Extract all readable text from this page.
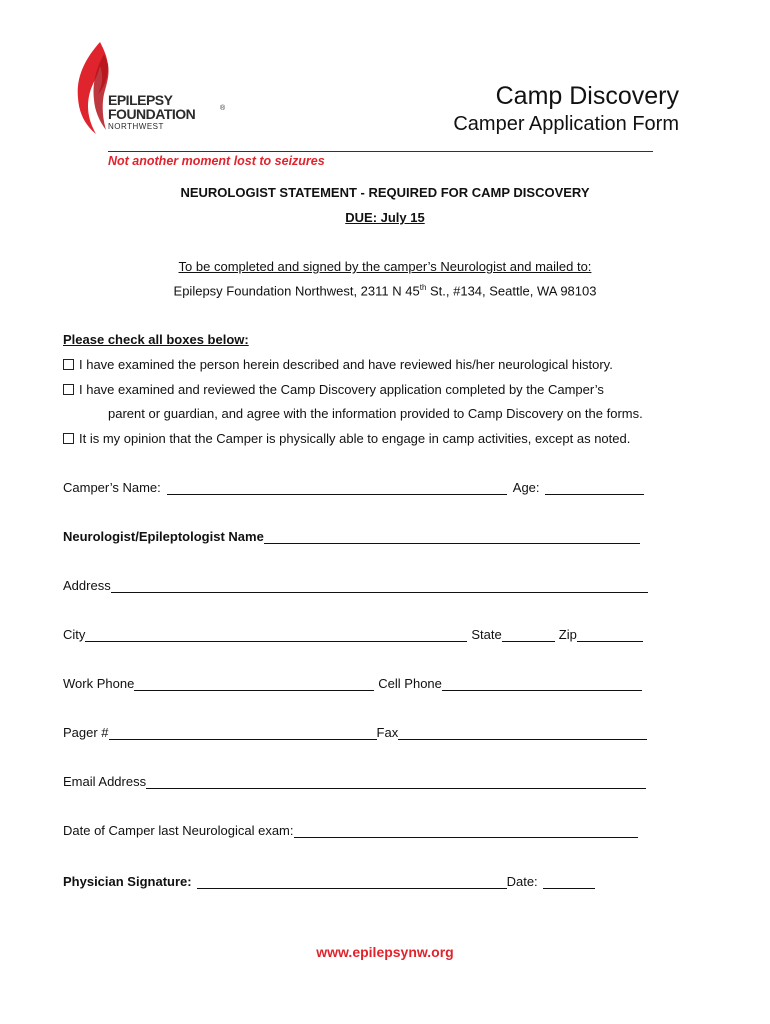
EPILEPSY
FOUNDATION	®
NORTHWEST
Camp Discovery
Camper Application Form
Not another moment lost to seizures
NEUROLOGIST STATEMENT - REQUIRED FOR CAMP DISCOVERY
DUE: July 15
To be completed and signed by the camper’s Neurologist and mailed to:
Epilepsy Foundation Northwest, 2311 N 45th St., #134, Seattle, WA 98103
Please check all boxes below:
I have examined the person herein described and have reviewed his/her neurological history.
I have examined and reviewed the Camp Discovery application completed by the Camper’s
parent or guardian, and agree with the information provided to Camp Discovery on the forms.
It is my opinion that the Camper is physically able to engage in camp activities, except as noted.
Camper’s Name:	Age:
Neurologist/Epileptologist Name
Address
City	State	Zip
Work Phone	Cell Phone
Pager #	Fax
Email Address
Date of Camper last Neurological exam:
Physician Signature:	Date:
www.epilepsynw.org
